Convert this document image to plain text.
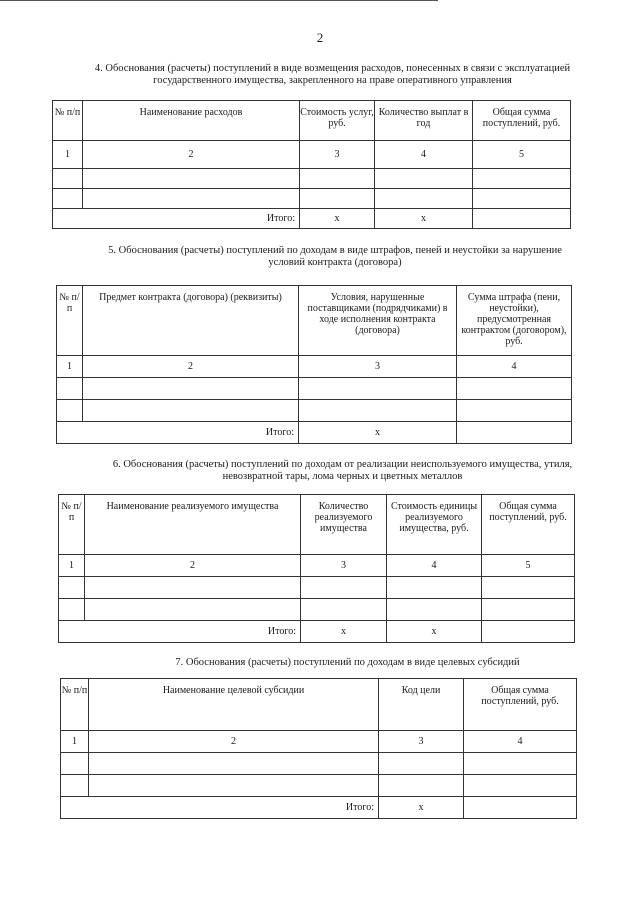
2
4. Обоснования (расчеты) поступлений в виде возмещения расходов, понесенных в связи с эксплуатацией
государственного имущества, закрепленного на праве оперативного управления
№ п/п	Наименование расходов	Стоимость услуг, руб.	Количество выплат в год	Общая сумма поступлений, руб.
1	2	3	4	5

Итого:		x	x	
5. Обоснования (расчеты) поступлений по доходам в виде штрафов, пеней и неустойки за нарушение
условий контракта (договора)
№ п/п	Предмет контракта (договора) (реквизиты)	Условия, нарушенные поставщиками (подрядчиками) в ходе исполнения контракта (договора)	Сумма штрафа (пени, неустойки), предусмотренная контрактом (договором), руб.
1	2	3	4

Итого:		x	
6. Обоснования (расчеты) поступлений по доходам от реализации неиспользуемого имущества, утиля,
невозвратной тары, лома черных и цветных металлов
№ п/п	Наименование реализуемого имущества	Количество реализуемого имущества	Стоимость единицы реализуемого имущества, руб.	Общая сумма поступлений, руб.
1	2	3	4	5

Итого:		x	x	
7. Обоснования (расчеты) поступлений по доходам в виде целевых субсидий
№ п/п	Наименование целевой субсидии	Код цели	Общая сумма поступлений, руб.
1	2	3	4

Итого:		x	
